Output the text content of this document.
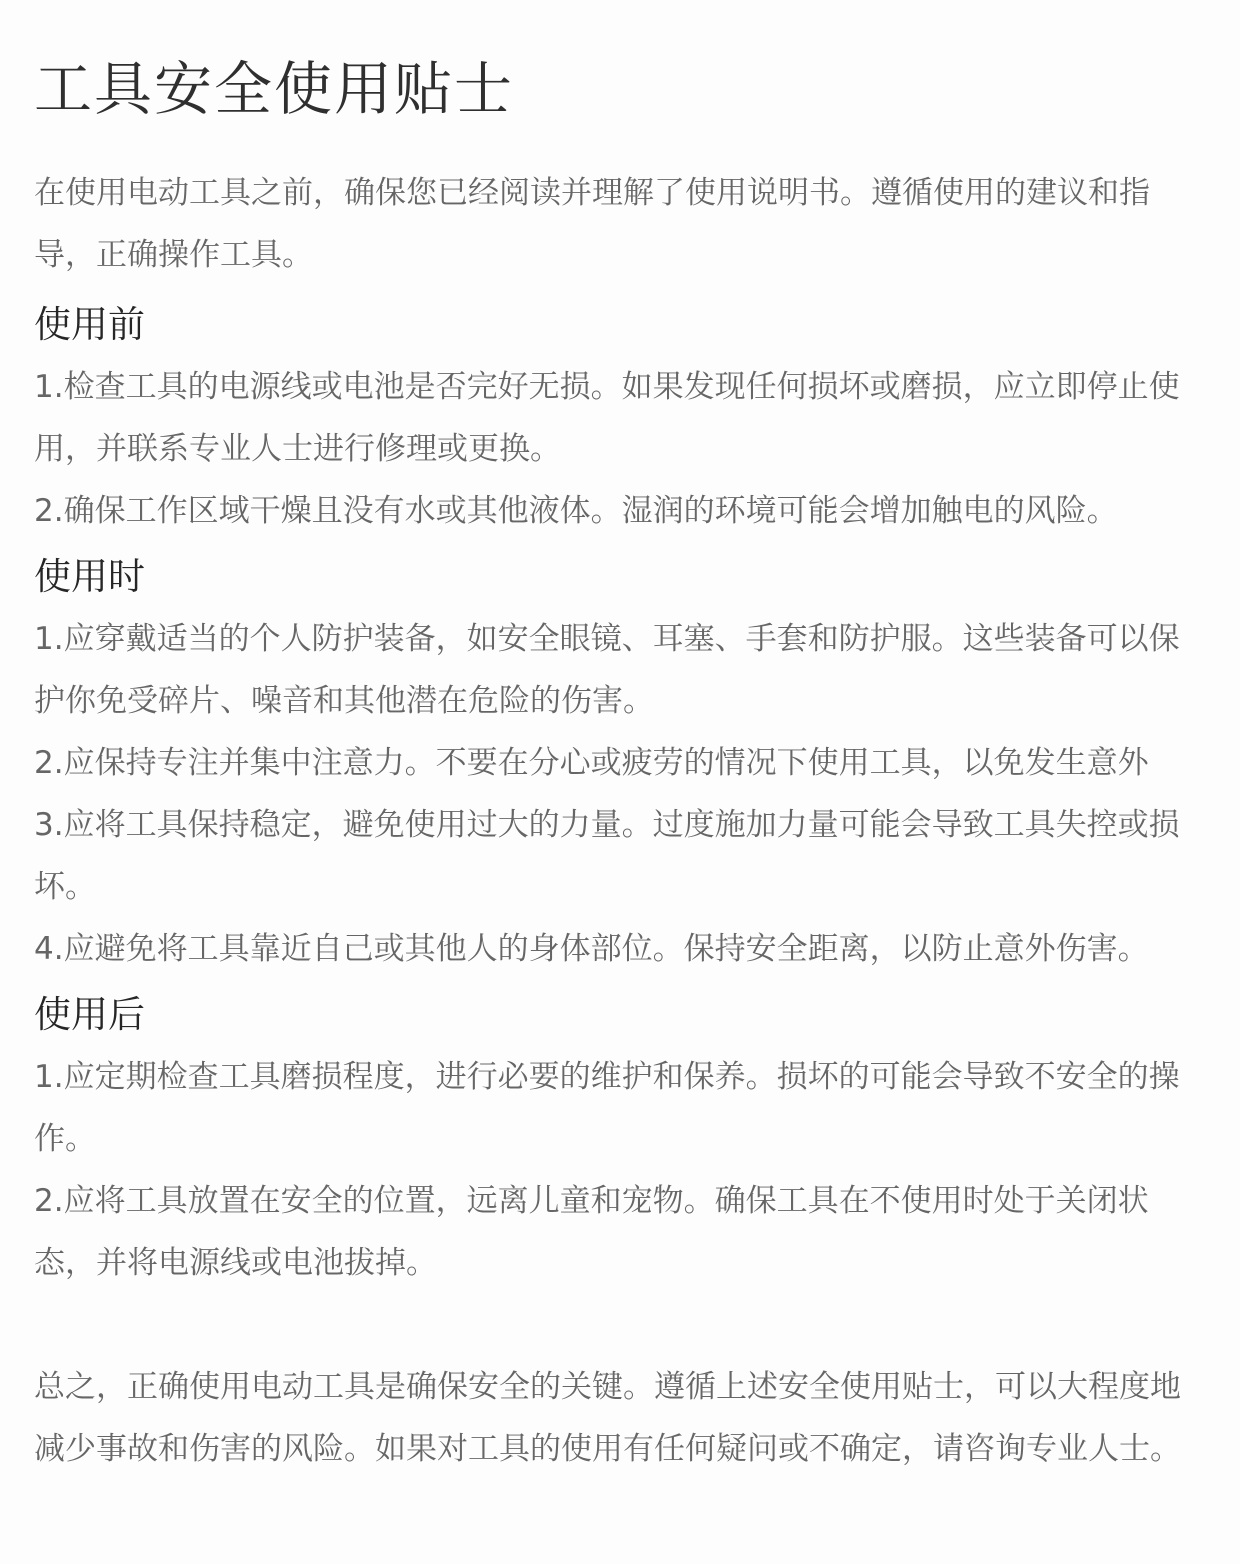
工具安全使用贴士

在使用电动工具之前，确保您已经阅读并理解了使用说明书。遵循使用的建议和指导，正确操作工具。

使用前

1.检查工具的电源线或电池是否完好无损。如果发现任何损坏或磨损，应立即停止使用，并联系专业人士进行修理或更换。

2.确保工作区域干燥且没有水或其他液体。湿润的环境可能会增加触电的风险。

使用时

1.应穿戴适当的个人防护装备，如安全眼镜、耳塞、手套和防护服。这些装备可以保护你免受碎片、噪音和其他潜在危险的伤害。

2.应保持专注并集中注意力。不要在分心或疲劳的情况下使用工具，以免发生意外

3.应将工具保持稳定，避免使用过大的力量。过度施加力量可能会导致工具失控或损坏。

4.应避免将工具靠近自己或其他人的身体部位。保持安全距离，以防止意外伤害。

使用后

1.应定期检查工具磨损程度，进行必要的维护和保养。损坏的可能会导致不安全的操作。

2.应将工具放置在安全的位置，远离儿童和宠物。确保工具在不使用时处于关闭状态，并将电源线或电池拔掉。

总之，正确使用电动工具是确保安全的关键。遵循上述安全使用贴士，可以大程度地减少事故和伤害的风险。如果对工具的使用有任何疑问或不确定，请咨询专业人士。
